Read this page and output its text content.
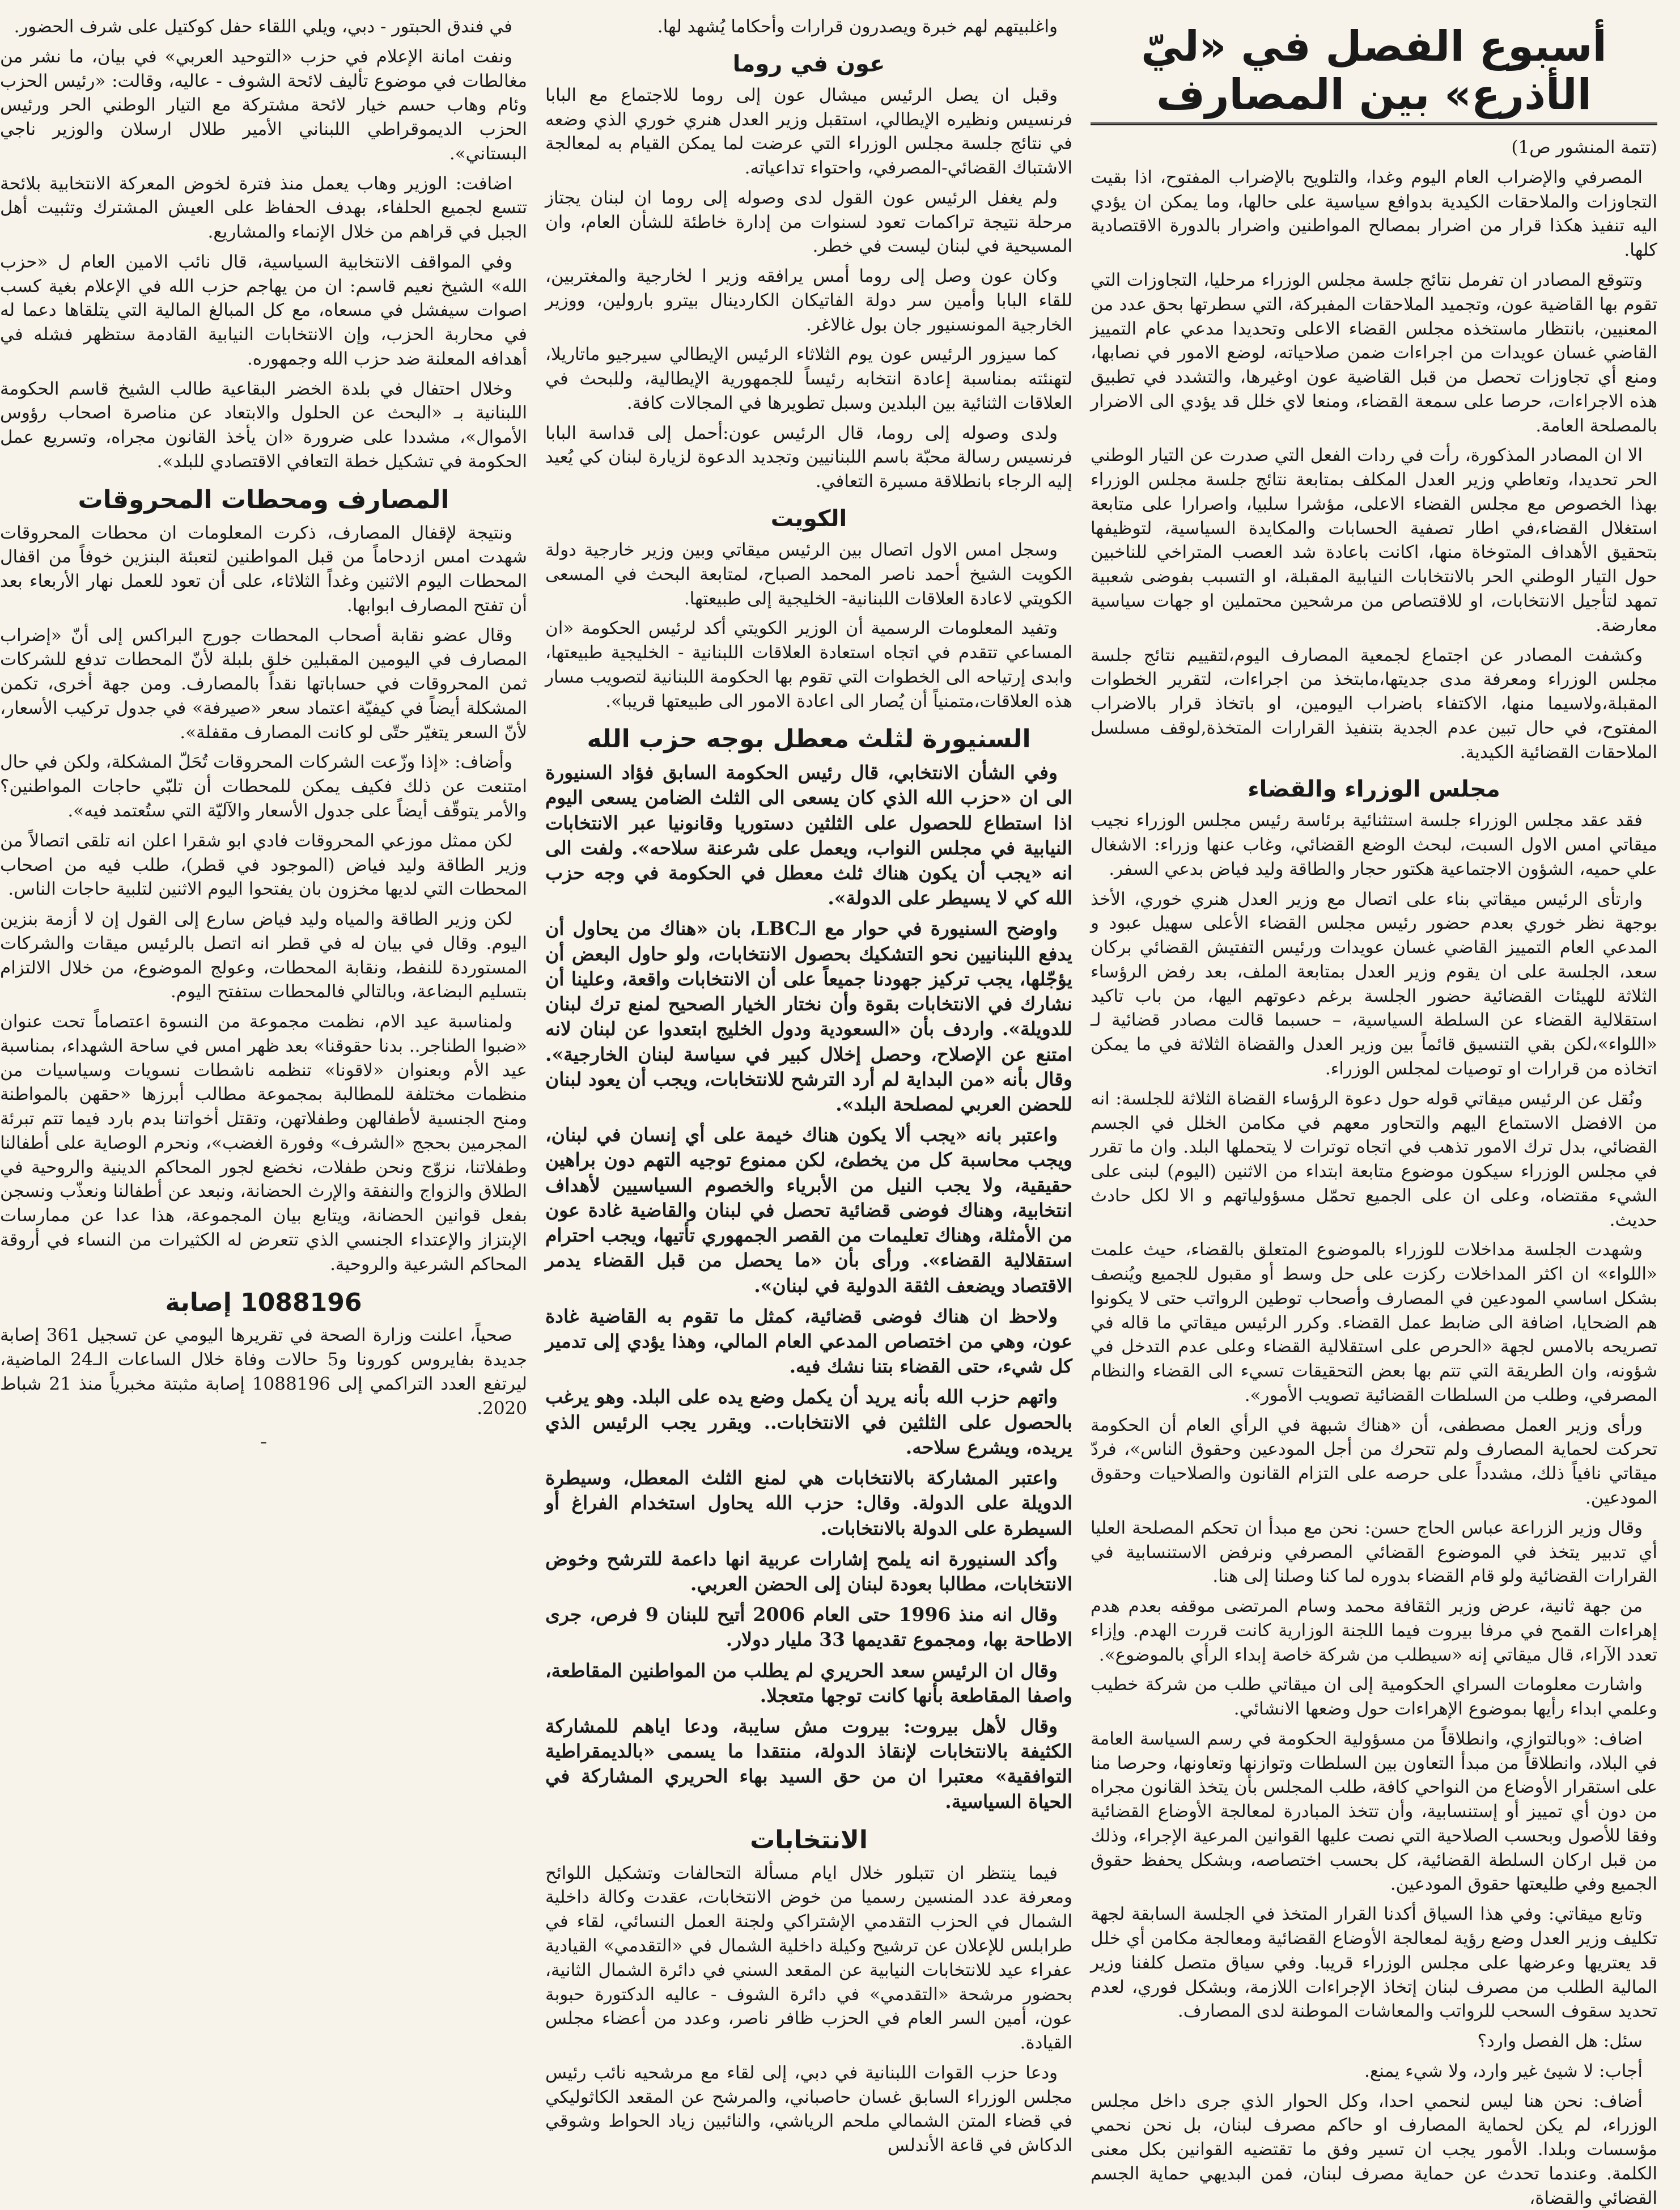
أسبوع الفصل في «ليّ الأذرع» بين المصارف

(تتمة المنشور ص1)

المصرفي والإضراب العام اليوم وغدا، والتلويح بالإضراب المفتوح، اذا بقيت التجاوزات والملاحقات الكيدية بدوافع سياسية على حالها، وما يمكن ان يؤدي اليه تنفيذ هكذا قرار من اضرار بمصالح المواطنين واضرار بالدورة الاقتصادية كلها.

وتتوقع المصادر ان تفرمل نتائج جلسة مجلس الوزراء مرحليا، التجاوزات التي تقوم بها القاضية عون، وتجميد الملاحقات المفبركة، التي سطرتها بحق عدد من المعنيين، بانتظار ماستخذه مجلس القضاء الاعلى وتحديدا مدعي عام التمييز القاضي غسان عويدات من اجراءات ضمن صلاحياته، لوضع الامور في نصابها، ومنع أي تجاوزات تحصل من قبل القاضية عون اوغيرها، والتشدد في تطبيق هذه الاجراءات، حرصا على سمعة القضاء، ومنعا لاي خلل قد يؤدي الى الاضرار بالمصلحة العامة.

الا ان المصادر المذكورة، رأت في ردات الفعل التي صدرت عن التيار الوطني الحر تحديدا، وتعاطي وزير العدل المكلف بمتابعة نتائج جلسة مجلس الوزراء بهذا الخصوص مع مجلس القضاء الاعلى، مؤشرا سلبيا، واصرارا على متابعة استغلال القضاء،في اطار تصفية الحسابات والمكايدة السياسية، لتوظيفها بتحقيق الأهداف المتوخاة منها، اكانت باعادة شد العصب المتراخي للناخبين حول التيار الوطني الحر بالانتخابات النيابية المقبلة، او التسبب بفوضى شعبية تمهد لتأجيل الانتخابات، او للاقتصاص من مرشحين محتملين او جهات سياسية معارضة.

وكشفت المصادر عن اجتماع لجمعية المصارف اليوم،لتقييم نتائج جلسة مجلس الوزراء ومعرفة مدى جديتها،مابتخذ من اجراءات، لتقرير الخطوات المقبلة،ولاسيما منها، الاكتفاء باضراب اليومين، او باتخاذ قرار بالاضراب المفتوح، في حال تبين عدم الجدية بتنفيذ القرارات المتخذة,لوقف مسلسل الملاحقات القضائية الكيدية.

مجلس الوزراء والقضاء

فقد عقد مجلس الوزراء جلسة استثنائية برئاسة رئيس مجلس الوزراء نجيب ميقاتي امس الاول السبت، لبحث الوضع القضائي، وغاب عنها وزراء: الاشغال علي حميه، الشؤون الاجتماعية هكتور حجار والطاقة وليد فياض بدعي السفر.

وارتأى الرئيس ميقاتي بناء على اتصال مع وزير العدل هنري خوري، الأخذ بوجهة نظر خوري بعدم حضور رئيس مجلس القضاء الأعلى سهيل عبود و المدعي العام التمييز القاضي غسان عويدات ورئيس التفتيش القضائي بركان سعد، الجلسة على ان يقوم وزير العدل بمتابعة الملف، بعد رفض الرؤساء الثلاثة للهيئات القضائية حضور الجلسة برغم دعوتهم اليها، من باب تاكيد استقلالية القضاء عن السلطة السياسية، – حسبما قالت مصادر قضائية لـ «اللواء»،لكن بقي التنسيق قائماً بين وزير العدل والقضاة الثلاثة في ما يمكن اتخاذه من قرارات او توصيات لمجلس الوزراء.

ونُقل عن الرئيس ميقاتي قوله حول دعوة الرؤساء القضاة الثلاثة للجلسة: انه من الافضل الاستماع اليهم والتحاور معهم في مكامن الخلل في الجسم القضائي، بدل ترك الامور تذهب في اتجاه توترات لا يتحملها البلد. وان ما تقرر في مجلس الوزراء سيكون موضوع متابعة ابتداء من الاثنين (اليوم) لبنى على الشيء مقتضاه، وعلى ان على الجميع تحمّل مسؤولياتهم و الا لكل حادث حديث.

وشهدت الجلسة مداخلات للوزراء بالموضوع المتعلق بالقضاء، حيث علمت «اللواء» ان اكثر المداخلات ركزت على حل وسط أو مقبول للجميع ويُنصف بشكل اساسي المودعين في المصارف وأصحاب توطين الرواتب حتى لا يكونوا هم الضحايا، اضافة الى ضابط عمل القضاء. وكرر الرئيس ميقاتي ما قاله في تصريحه بالامس لجهة «الحرص على استقلالية القضاء وعلى عدم التدخل في شؤونه، وان الطريقة التي تتم بها بعض التحقيقات تسيء الى القضاء والنظام المصرفي، وطلب من السلطات القضائية تصويب الأمور».

ورأى وزير العمل مصطفى، أن «هناك شبهة في الرأي العام أن الحكومة تحركت لحماية المصارف ولم تتحرك من أجل المودعين وحقوق الناس»، فردّ ميقاتي نافياً ذلك، مشدداً على حرصه على التزام القانون والصلاحيات وحقوق المودعين.

وقال وزير الزراعة عباس الحاج حسن: نحن مع مبدأ ان تحكم المصلحة العليا أي تدبير يتخذ في الموضوع القضائي المصرفي ونرفض الاستنسابية في القرارات القضائية ولو قام القضاء بدوره لما كنا وصلنا إلى هنا.

من جهة ثانية، عرض وزير الثقافة محمد وسام المرتضى موقفه بعدم هدم إهراءات القمح في مرفا بيروت فيما اللجنة الوزارية كانت قررت الهدم. وإزاء تعدد الآراء، قال ميقاتي إنه «سيطلب من شركة خاصة إبداء الرأي بالموضوع».

واشارت معلومات السراي الحكومية إلى ان ميقاتي طلب من شركة خطيب وعلمي ابداء رأيها بموضوع الإهراءات حول وضعها الانشائي.

اضاف: «وبالتوازي، وانطلاقاً من مسؤولية الحكومة في رسم السياسة العامة في البلاد، وانطلاقاً من مبدأ التعاون بين السلطات وتوازنها وتعاونها، وحرصا منا على استقرار الأوضاع من النواحي كافة، طلب المجلس بأن يتخذ القانون مجراه من دون أي تمييز أو إستنسابية، وأن تتخذ المبادرة لمعالجة الأوضاع القضائية وفقا للأصول وبحسب الصلاحية التي نصت عليها القوانين المرعية الإجراء، وذلك من قبل اركان السلطة القضائية، كل بحسب اختصاصه، وبشكل يحفظ حقوق الجميع وفي طليعتها حقوق المودعين.

وتابع ميقاتي: وفي هذا السياق أكدنا القرار المتخذ في الجلسة السابقة لجهة تكليف وزير العدل وضع رؤية لمعالجة الأوضاع القضائية ومعالجة مكامن أي خلل قد يعتريها وعرضها على مجلس الوزراء قريبا. وفي سياق متصل كلفنا وزير المالية الطلب من مصرف لبنان إتخاذ الإجراءات اللازمة، وبشكل فوري، لعدم تحديد سقوف السحب للرواتب والمعاشات الموطنة لدى المصارف.

سئل: هل الفصل وارد؟

أجاب: لا شيئ غير وارد، ولا شيء يمنع.

أضاف: نحن هنا ليس لنحمي احدا، وكل الحوار الذي جرى داخل مجلس الوزراء، لم يكن لحماية المصارف او حاكم مصرف لبنان، بل نحن نحمي مؤسسات وبلدا. الأمور يجب ان تسير وفق ما تقتضيه القوانين بكل معنى الكلمة. وعندما تحدث عن حماية مصرف لبنان، فمن البديهي حماية الجسم القضائي والقضاة،

واغلبيتهم لهم خبرة ويصدرون قرارات وأحكاما يُشهد لها.

عون في روما

وقبل ان يصل الرئيس ميشال عون إلى روما للاجتماع مع البابا فرنسيس ونظيره الإيطالي، استقبل وزير العدل هنري خوري الذي وضعه في نتائج جلسة مجلس الوزراء التي عرضت لما يمكن القيام به لمعالجة الاشتباك القضائي-المصرفي، واحتواء تداعياته.

ولم يغفل الرئيس عون القول لدى وصوله إلى روما ان لبنان يجتاز مرحلة نتيجة تراكمات تعود لسنوات من إدارة خاطئة للشأن العام، وان المسيحية في لبنان ليست في خطر.

وكان عون وصل إلى روما أمس يرافقه وزير ا لخارجية والمغتربين، للقاء البابا وأمين سر دولة الفاتيكان الكاردينال بيترو بارولين، ووزير الخارجية المونسنيور جان بول غالاغر.

كما سيزور الرئيس عون يوم الثلاثاء الرئيس الإيطالي سيرجيو ماتاريلا، لتهنئته بمناسبة إعادة انتخابه رئيساً للجمهورية الإيطالية، وللبحث في العلاقات الثنائية بين البلدين وسبل تطويرها في المجالات كافة.

ولدى وصوله إلى روما، قال الرئيس عون:أحمل إلى قداسة البابا فرنسيس رسالة محبّة باسم اللبنانيين وتجديد الدعوة لزيارة لبنان كي يُعيد إليه الرجاء بانطلاقة مسيرة التعافي.

الكويت

وسجل امس الاول اتصال بين الرئيس ميقاتي وبين وزير خارجية دولة الكويت الشيخ أحمد ناصر المحمد الصباح، لمتابعة البحث في المسعى الكويتي لاعادة العلاقات اللبنانية- الخليجية إلى طبيعتها.

وتفيد المعلومات الرسمية أن الوزير الكويتي أكد لرئيس الحكومة «ان المساعي تتقدم في اتجاه استعادة العلاقات اللبنانية - الخليجية طبيعتها، وابدى إرتياحه الى الخطوات التي تقوم بها الحكومة اللبنانية لتصويب مسار هذه العلاقات،متمنياً أن يُصار الى اعادة الامور الى طبيعتها قريبا».

السنيورة لثلث معطل بوجه حزب الله

وفي الشأن الانتخابي، قال رئيس الحكومة السابق فؤاد السنيورة الى ان «حزب الله الذي كان يسعى الى الثلث الضامن يسعى اليوم اذا استطاع للحصول على الثلثين دستوريا وقانونيا عبر الانتخابات النيابية في مجلس النواب، ويعمل على شرعنة سلاحه». ولفت الى انه «يجب أن يكون هناك ثلث معطل في الحكومة في وجه حزب الله كي لا يسيطر على الدولة».

واوضح السنيورة في حوار مع الـLBC، بان «هناك من يحاول أن يدفع اللبنانيين نحو التشكيك بحصول الانتخابات، ولو حاول البعض أن يؤجّلها، يجب تركيز جهودنا جميعاً على أن الانتخابات واقعة، وعلينا أن نشارك في الانتخابات بقوة وأن نختار الخيار الصحيح لمنع ترك لبنان للدويلة». واردف بأن «السعودية ودول الخليج ابتعدوا عن لبنان لانه امتنع عن الإصلاح، وحصل إخلال كبير في سياسة لبنان الخارجية». وقال بأنه «من البداية لم أرد الترشح للانتخابات، ويجب أن يعود لبنان للحضن العربي لمصلحة البلد».

واعتبر بانه «يجب ألا يكون هناك خيمة على أي إنسان في لبنان، ويجب محاسبة كل من يخطئ، لكن ممنوع توجيه التهم دون براهين حقيقية، ولا يجب النيل من الأبرياء والخصوم السياسيين لأهداف انتخابية، وهناك فوضى قضائية تحصل في لبنان والقاضية غادة عون من الأمثلة، وهناك تعليمات من القصر الجمهوري تأتيها، ويجب احترام استقلالية القضاء». ورأى بأن «ما يحصل من قبل القضاء يدمر الاقتصاد ويضعف الثقة الدولية في لبنان».

ولاحظ ان هناك فوضى قضائية، كمثل ما تقوم به القاضية غادة عون، وهي من اختصاص المدعي العام المالي، وهذا يؤدي إلى تدمير كل شيء، حتى القضاء بتنا نشك فيه.

واتهم حزب الله بأنه يريد أن يكمل وضع يده على البلد. وهو يرغب بالحصول على الثلثين في الانتخابات.. ويقرر يجب الرئيس الذي يريده، ويشرع سلاحه.

واعتبر المشاركة بالانتخابات هي لمنع الثلث المعطل، وسيطرة الدويلة على الدولة. وقال: حزب الله يحاول استخدام الفراغ أو السيطرة على الدولة بالانتخابات.

وأكد السنيورة انه يلمح إشارات عربية انها داعمة للترشح وخوض الانتخابات، مطالبا بعودة لبنان إلى الحضن العربي.

وقال انه منذ 1996 حتى العام 2006 أتيح للبنان 9 فرص، جرى الاطاحة بها، ومجموع تقديمها 33 مليار دولار.

وقال ان الرئيس سعد الحريري لم يطلب من المواطنين المقاطعة، واصفا المقاطعة بأنها كانت توجها متعجلا.

وقال لأهل بيروت: بيروت مش سايبة، ودعا اياهم للمشاركة الكثيفة بالانتخابات لإنقاذ الدولة، منتقدا ما يسمى «بالديمقراطية التوافقية» معتبرا ان من حق السيد بهاء الحريري المشاركة في الحياة السياسية.

الانتخابات

فيما ينتظر ان تتبلور خلال ايام مسألة التحالفات وتشكيل اللوائح ومعرفة عدد المنسين رسميا من خوض الانتخابات، عقدت وكالة داخلية الشمال في الحزب التقدمي الإشتراكي ولجنة العمل النسائي، لقاء في طرابلس للإعلان عن ترشيح وكيلة داخلية الشمال في «التقدمي» القيادية عفراء عيد للانتخابات النيابية عن المقعد السني في دائرة الشمال الثانية، بحضور مرشحة «التقدمي» في دائرة الشوف - عاليه الدكتورة حبوبة عون، أمين السر العام في الحزب ظافر ناصر، وعدد من أعضاء مجلس القيادة.

ودعا حزب القوات اللبنانية في دبي، إلى لقاء مع مرشحيه نائب رئيس مجلس الوزراء السابق غسان حاصباني، والمرشح عن المقعد الكاثوليكي في قضاء المتن الشمالي ملحم الرياشي، والنائبين زياد الحواط وشوقي الدكاش في قاعة الأندلس

في فندق الحبتور - دبي، ويلي اللقاء حفل كوكتيل على شرف الحضور.

ونفت امانة الإعلام في حزب «التوحيد العربي» في بيان، ما نشر من مغالطات في موضوع تأليف لائحة الشوف - عاليه، وقالت: «رئيس الحزب وئام وهاب حسم خيار لائحة مشتركة مع التيار الوطني الحر ورئيس الحزب الديموقراطي اللبناني الأمير طلال ارسلان والوزير ناجي البستاني».

اضافت: الوزير وهاب يعمل منذ فترة لخوض المعركة الانتخابية بلائحة تتسع لجميع الحلفاء، بهدف الحفاظ على العيش المشترك وتثبيت أهل الجبل في قراهم من خلال الإنماء والمشاريع.

وفي المواقف الانتخابية السياسية، قال نائب الامين العام ل «حزب الله» الشيخ نعيم قاسم: ان من يهاجم حزب الله في الإعلام بغية كسب اصوات سيفشل في مسعاه، مع كل المبالغ المالية التي يتلقاها دعما له في محاربة الحزب، وإن الانتخابات النيابية القادمة ستظهر فشله في أهدافه المعلنة ضد حزب الله وجمهوره.

وخلال احتفال في بلدة الخضر البقاعية طالب الشيخ قاسم الحكومة اللبنانية بـ «البحث عن الحلول والابتعاد عن مناصرة اصحاب رؤوس الأموال»، مشددا على ضرورة «ان يأخذ القانون مجراه، وتسريع عمل الحكومة في تشكيل خطة التعافي الاقتصادي للبلد».

المصارف ومحطات المحروقات

ونتيجة لإقفال المصارف، ذكرت المعلومات ان محطات المحروقات شهدت امس ازدحاماً من قبل المواطنين لتعبئة البنزين خوفاً من اقفال المحطات اليوم الاثنين وغداً الثلاثاء، على أن تعود للعمل نهار الأربعاء بعد أن تفتح المصارف ابوابها.

وقال عضو نقابة أصحاب المحطات جورج البراكس إلى أنّ «إضراب المصارف في اليومين المقبلين خلق بلبلة لأنّ المحطات تدفع للشركات ثمن المحروقات في حساباتها نقداً بالمصارف. ومن جهة أخرى، تكمن المشكلة أيضاً في كيفيّة اعتماد سعر «صيرفة» في جدول تركيب الأسعار، لأنّ السعر يتغيّر حتّى لو كانت المصارف مقفلة».

وأضاف: «إذا وزّعت الشركات المحروقات تُحَلّ المشكلة، ولكن في حال امتنعت عن ذلك فكيف يمكن للمحطات أن تلبّي حاجات المواطنين؟ والأمر يتوقّف أيضاً على جدول الأسعار والآليّة التي ستُعتمد فيه».

لكن ممثل موزعي المحروقات فادي ابو شقرا اعلن انه تلقى اتصالاً من وزير الطاقة وليد فياض (الموجود في قطر)، طلب فيه من اصحاب المحطات التي لديها مخزون بان يفتحوا اليوم الاثنين لتلبية حاجات الناس.

لكن وزير الطاقة والمياه وليد فياض سارع إلى القول إن لا أزمة بنزين اليوم. وقال في بيان له في قطر انه اتصل بالرئيس ميقات والشركات المستوردة للنفط، ونقابة المحطات، وعولج الموضوع، من خلال الالتزام بتسليم البضاعة، وبالتالي فالمحطات ستفتح اليوم.

ولمناسبة عيد الام، نظمت مجموعة من النسوة اعتصاماً تحت عنوان «ضبوا الطناجر.. بدنا حقوقنا» بعد ظهر امس في ساحة الشهداء، بمناسبة عيد الأم وبعنوان «لاقونا» تنظمه ناشطات نسويات وسياسيات من منظمات مختلفة للمطالبة بمجموعة مطالب أبرزها «حقهن بالمواطنة ومنح الجنسية لأطفالهن وطفلاتهن، وتقتل أخواتنا بدم بارد فيما تتم تبرئة المجرمين بحجج «الشرف» وفورة الغضب»، ونحرم الوصاية على أطفالنا وطفلاتنا، نزوّج ونحن طفلات، نخضع لجور المحاكم الدينية والروحية في الطلاق والزواج والنفقة والإرث الحضانة، ونبعد عن أطفالنا ونعذّب ونسجن بفعل قوانين الحضانة، ويتابع بيان المجموعة، هذا عدا عن ممارسات الإبتزاز والإعتداء الجنسي الذي تتعرض له الكثيرات من النساء في أروقة المحاكم الشرعية والروحية.

1088196 إصابة

صحياً، اعلنت وزارة الصحة في تقريرها اليومي عن تسجيل 361 إصابة جديدة بفايروس كورونا و5 حالات وفاة خلال الساعات الـ24 الماضية، ليرتفع العدد التراكمي إلى 1088196 إصابة مثبتة مخبرياً منذ 21 شباط 2020.

ـ
